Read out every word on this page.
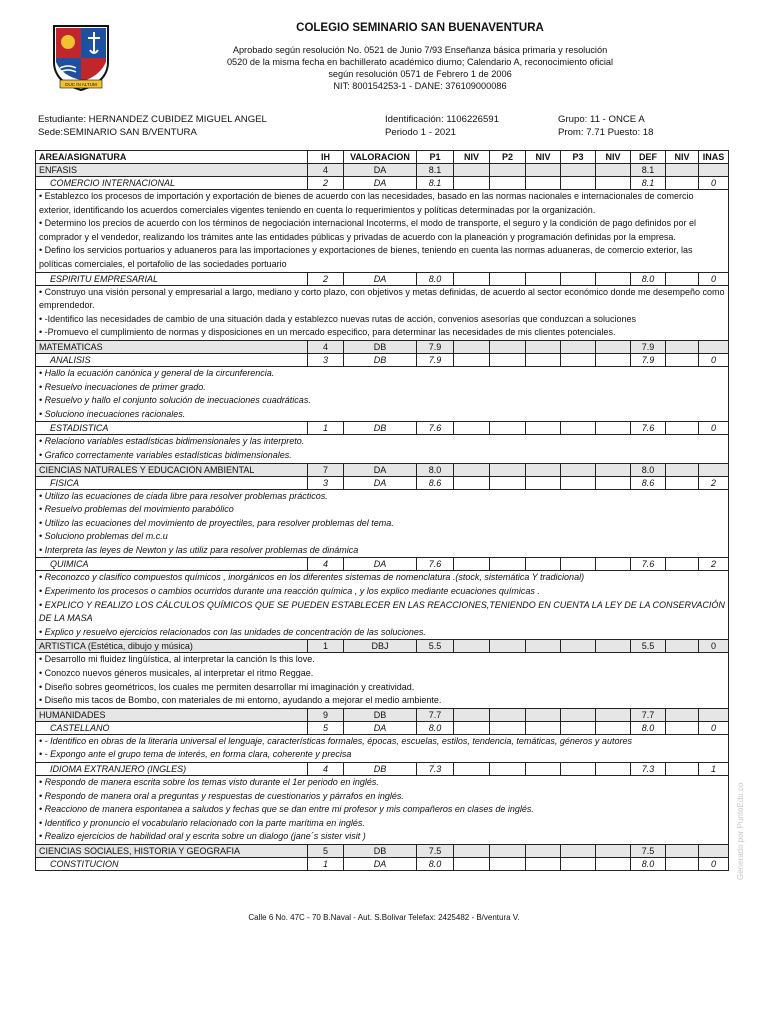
DUC IN ALTUM
COLEGIO SEMINARIO SAN BUENAVENTURA
Aprobado según resolución No. 0521 de Junio 7/93 Enseñanza básica primaria y resolución
0520 de la misma fecha en bachillerato académico diurno; Calendario A, reconocimiento oficial
según resolución 0571 de Febrero 1 de 2006
NIT: 800154253-1 - DANE: 376109000086
Estudiante: HERNANDEZ CUBIDEZ MIGUEL ANGEL
Sede:SEMINARIO SAN B/VENTURA
Identificación: 1106226591
Periodo 1 - 2021
Grupo: 11 - ONCE A
Prom: 7.71 Puesto: 18
AREA/ASIGNATURA	IH	VALORACION	P1	NIV	P2	NIV	P3	NIV	DEF	NIV	INAS
ENFASIS	4	DA	8.1						8.1		
COMERCIO INTERNACIONAL	2	DA	8.1						8.1		0

• Establezco los procesos de importación y exportación de bienes de acuerdo con las necesidades, basado en las normas nacionales e internacionales de comercio exterior, identificando los acuerdos comerciales vigentes teniendo en cuenta lo requerimientos y políticas determinadas por la organización.
• Determino los precios de acuerdo con los términos de negociación internacional Incoterms, el modo de transporte, el seguro y la condición de pago definidos por el comprador y el vendedor, realizando los trámites ante las entidades públicas y privadas de acuerdo con la planeación y programación definidas por la empresa.
• Defino los servicios portuarios y aduaneros para las importaciones y exportaciones de bienes, teniendo en cuenta las normas aduaneras, de comercio exterior, las políticas comerciales, el portafolio de las sociedades portuario											

ESPIRITU EMPRESARIAL	2	DA	8.0						8.0		0

• Construyo una visión personal y empresarial a largo, mediano y corto plazo, con objetivos y metas definidas, de acuerdo al sector económico donde me desempeño como emprendedor.
• -Identifico las necesidades de cambio de una situación dada y establezco nuevas rutas de acción, convenios asesorías que conduzcan a soluciones
• -Promuevo el cumplimiento de normas y disposiciones en un mercado especifico, para determinar las necesidades de mis clientes potenciales.											

MATEMATICAS	4	DB	7.9						7.9		
ANALISIS	3	DB	7.9						7.9		0

• Hallo la ecuación canónica y general de la circunferencia.
• Resuelvo inecuaciones de primer grado.
• Resuelvo y hallo el conjunto solución de inecuaciones cuadráticas.
• Soluciono inecuaciones racionales.											

ESTADISTICA	1	DB	7.6						7.6		0

• Relaciono variables estadísticas bidimensionales y las interpreto.
• Grafico correctamente variables estadísticas bidimensionales.											

CIENCIAS NATURALES Y EDUCACION AMBIENTAL	7	DA	8.0						8.0		
FISICA	3	DA	8.6						8.6		2

• Utilizo las ecuaciones de ciada libre para resolver problemas prácticos.
• Resuelvo problemas del movimiento parabólico
• Utilizo las ecuaciones del movimiento de proyectiles, para resolver problemas del tema.
• Soluciono problemas del m.c.u
• Interpreta las leyes de Newton y las utiliz para resolver problemas de dinámica											

QUIMICA	4	DA	7.6						7.6		2

• Reconozco y clasifico compuestos químicos , inorgánicos en los diferentes sistemas de nomenclatura .(stock, sistemática Y tradicional)
• Experimento los procesos o cambios ocurridos durante una reacción química , y los explico mediante ecuaciones químicas .
• EXPLICO Y REALIZO LOS CÁLCULOS QUÍMICOS QUE SE PUEDEN ESTABLECER EN LAS REACCIONES,TENIENDO EN CUENTA LA LEY DE LA CONSERVACIÓN DE LA MASA
• Explico y resuelvo ejercicios relacionados con las unidades de concentración de las soluciones.											

ARTISTICA (Estética, dibujo y música)	1	DBJ	5.5						5.5		0

• Desarrollo mi fluidez lingüística, al interpretar la canción Is this love.
• Conozco nuevos géneros musicales, al interpretar el ritmo Reggae.
• Diseño sobres geométricos, los cuales me permiten desarrollar mi imaginación y creatividad.
• Diseño mis tacos de Bombo, con materiales de mi entorno, ayudando a mejorar el medio ambiente.											

HUMANIDADES	9	DB	7.7						7.7		
CASTELLANO	5	DA	8.0						8.0		0

• - Identifico en obras de la literaria universal el lenguaje, características formales, épocas, escuelas, estilos, tendencia, temáticas, géneros y autores
• - Expongo ante el grupo tema de interés, en forma clara, coherente y precisa											

IDIOMA EXTRANJERO (INGLES)	4	DB	7.3						7.3		1

• Respondo de manera escrita sobre los temas visto durante el 1er periodo en inglés.
• Respondo de manera oral a preguntas y respuestas de cuestionarios y párrafos en inglés.
• Reacciono de manera espontanea a saludos y fechas que se dan entre mi profesor y mis compañeros en clases de inglés.
• Identifico y pronuncio el vocabulario relacionado con la parte marítima en inglés.
• Realizo ejercicios de habilidad oral y escrita sobre un dialogo (jane´s sister visit )											

CIENCIAS SOCIALES, HISTORIA Y GEOGRAFIA	5	DB	7.5						7.5		
CONSTITUCION	1	DA	8.0						8.0		0
Calle 6 No. 47C - 70 B.Naval - Aut. S.Bolivar Telefax: 2425482 - B/ventura V.
Generado por PuntoEdu.co
